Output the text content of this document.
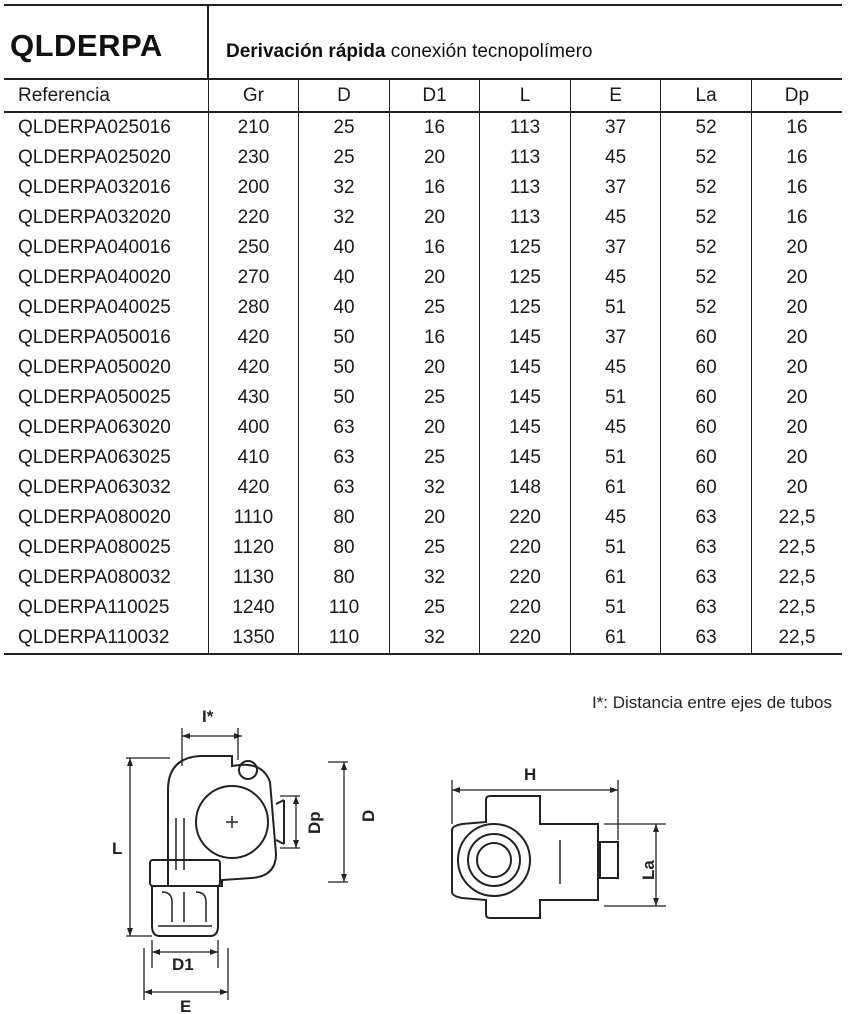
QLDERPA	Derivación rápida conexión tecnopolímero
Referencia	Gr	D	D1	L	E	La	Dp
QLDERPA025016	210	25	16	113	37	52	16
QLDERPA025020	230	25	20	113	45	52	16
QLDERPA032016	200	32	16	113	37	52	16
QLDERPA032020	220	32	20	113	45	52	16
QLDERPA040016	250	40	16	125	37	52	20
QLDERPA040020	270	40	20	125	45	52	20
QLDERPA040025	280	40	25	125	51	52	20
QLDERPA050016	420	50	16	145	37	60	20
QLDERPA050020	420	50	20	145	45	60	20
QLDERPA050025	430	50	25	145	51	60	20
QLDERPA063020	400	63	20	145	45	60	20
QLDERPA063025	410	63	25	145	51	60	20
QLDERPA063032	420	63	32	148	61	60	20
QLDERPA080020	1110	80	20	220	45	63	22,5
QLDERPA080025	1120	80	25	220	51	63	22,5
QLDERPA080032	1130	80	32	220	61	63	22,5
QLDERPA110025	1240	110	25	220	51	63	22,5
QLDERPA110032	1350	110	32	220	61	63	22,5
I*: Distancia entre ejes de tubos
I*
L
Dp D
D1
E
H
La
